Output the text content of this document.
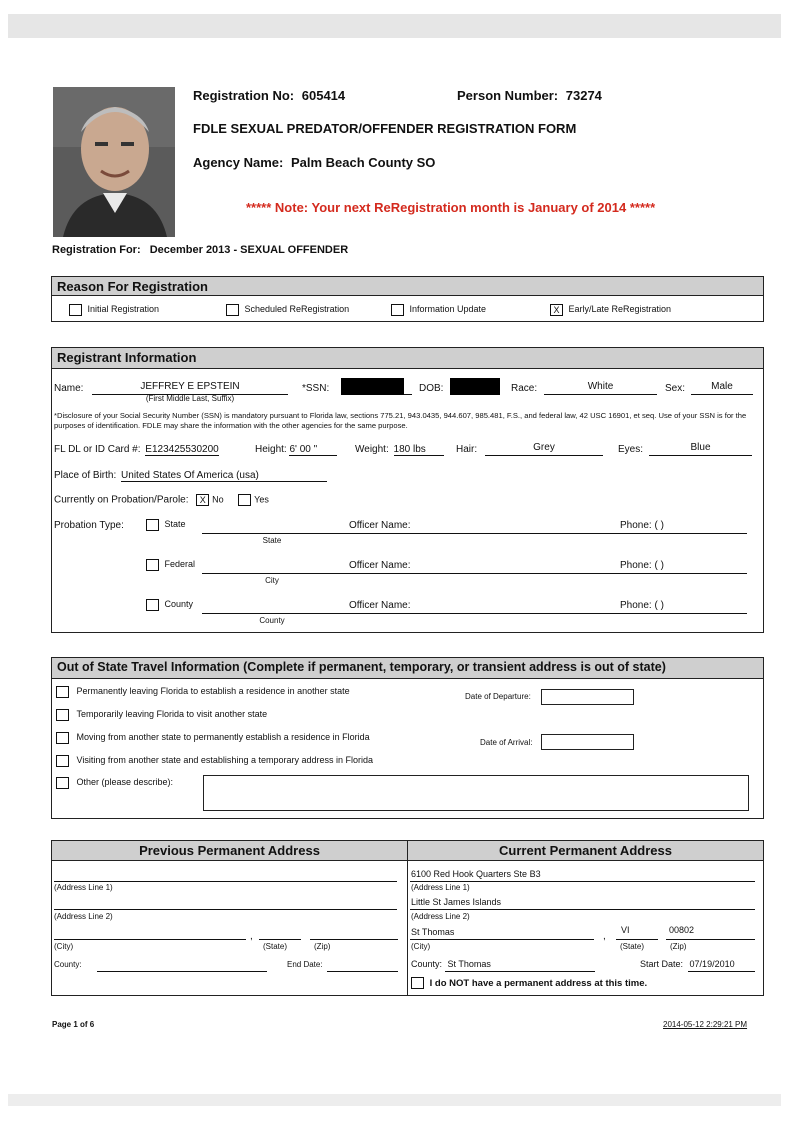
Registration No: 605414	Person Number: 73274
FDLE SEXUAL PREDATOR/OFFENDER REGISTRATION FORM
Agency Name: Palm Beach County SO
***** Note: Your next ReRegistration month is January of 2014 *****
Registration For: December 2013 - SEXUAL OFFENDER
Reason For Registration
Initial Registration	Scheduled ReRegistration	Information Update	X Early/Late ReRegistration
Registrant Information
Name:	JEFFREY E EPSTEIN
(First Middle Last, Suffix)
*SSN:	DOB:	Race:	White	Sex:	Male
*Disclosure of your Social Security Number (SSN) is mandatory pursuant to Florida law, sections 775.21, 943.0435, 944.607, 985.481, F.S., and federal law, 42 USC 16901, et seq. Use of your SSN is for the purposes of identification. FDLE may share the information with the other agencies for the same purpose.
FL DL or ID Card #: E123425530200	Height: 6' 00 "	Weight: 180 lbs	Hair:	Grey	Eyes:	Blue
Place of Birth: United States Of America (usa)
Currently on Probation/Parole: X No	Yes
Probation Type:	State
State
Officer Name:	Phone: ( )
Federal
City
Officer Name:	Phone: ( )
County
County
Officer Name:	Phone: ( )
Out of State Travel Information (Complete if permanent, temporary, or transient address is out of state)
Permanently leaving Florida to establish a residence in another state
Temporarily leaving Florida to visit another state
Moving from another state to permanently establish a residence in Florida
Visiting from another state and establishing a temporary address in Florida
Other (please describe):
Date of Departure:
Date of Arrival:
Previous Permanent Address	Current Permanent Address
(Address Line 1)
(Address Line 2)
,
(City)	(State)	(Zip)
County:	End Date:
6100 Red Hook Quarters Ste B3
(Address Line 1)
Little St James Islands
(Address Line 2)
St Thomas	VI	00802
,
(City)	(State)	(Zip)
County: St Thomas	Start Date: 07/19/2010
I do NOT have a permanent address at this time.
Page 1 of 6	2014-05-12 2:29:21 PM
